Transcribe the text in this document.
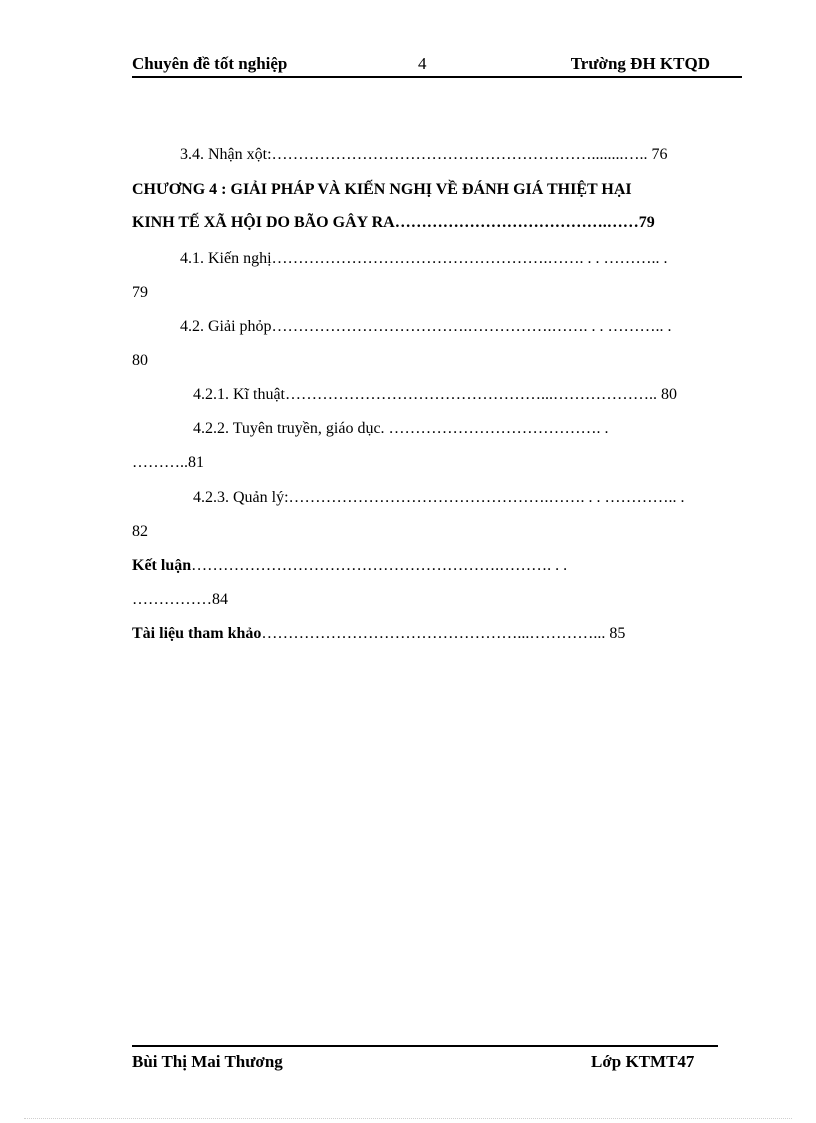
Chuyên đề tốt nghiệp	4	Trường ĐH KTQD
3.4. Nhận xột:……………………………………………………........….. 76
CHƯƠNG 4 : GIẢI PHÁP VÀ KIẾN NGHỊ VỀ ĐÁNH GIÁ THIỆT HẠI
KINH TẾ XÃ HỘI DO BÃO GÂY RA………………………………….……79
4.1. Kiến nghị…………………………………………….……. . . ……….. .
79
4.2. Giải phỏp……………………………….…………….……. . . ……….. .
80
4.2.1. Kĩ thuật…………………………………………...……………….. 80
4.2.2. Tuyên truyền, giáo dục. …………………………………. .
………..81
4.2.3. Quản lý:………………………………………….……. . . ………….. .
82
Kết luận………………………………………………….………. . .
……………84
Tài liệu tham khảo…………………………………………...…………... 85
Bùi Thị Mai Thương	Lớp KTMT47
